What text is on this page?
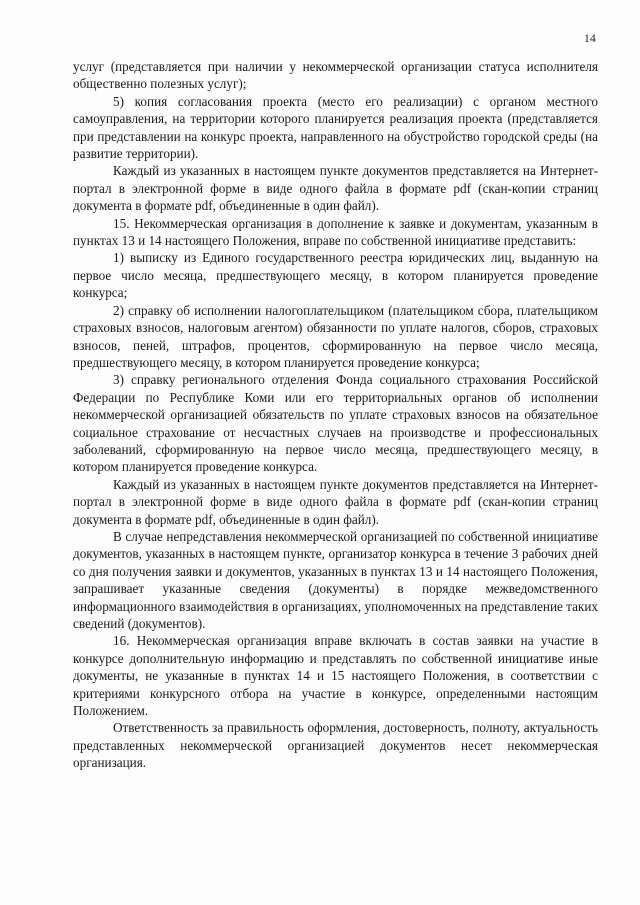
14

услуг (представляется при наличии у некоммерческой организации статуса исполнителя общественно полезных услуг);

5) копия согласования проекта (место его реализации) с органом местного самоуправления, на территории которого планируется реализация проекта (представляется при представлении на конкурс проекта, направленного на обустройство городской среды (на развитие территории).

Каждый из указанных в настоящем пункте документов представляется на Интернет-портал в электронной форме в виде одного файла в формате pdf (скан-копии страниц документа в формате pdf, объединенные в один файл).

15. Некоммерческая организация в дополнение к заявке и документам, указанным в пунктах 13 и 14 настоящего Положения, вправе по собственной инициативе представить:

1) выписку из Единого государственного реестра юридических лиц, выданную на первое число месяца, предшествующего месяцу, в котором планируется проведение конкурса;

2) справку об исполнении налогоплательщиком (плательщиком сбора, плательщиком страховых взносов, налоговым агентом) обязанности по уплате налогов, сборов, страховых взносов, пеней, штрафов, процентов, сформированную на первое число месяца, предшествующего месяцу, в котором планируется проведение конкурса;

3) справку регионального отделения Фонда социального страхования Российской Федерации по Республике Коми или его территориальных органов об исполнении некоммерческой организацией обязательств по уплате страховых взносов на обязательное социальное страхование от несчастных случаев на производстве и профессиональных заболеваний, сформированную на первое число месяца, предшествующего месяцу, в котором планируется проведение конкурса.

Каждый из указанных в настоящем пункте документов представляется на Интернет-портал в электронной форме в виде одного файла в формате pdf (скан-копии страниц документа в формате pdf, объединенные в один файл).

В случае непредставления некоммерческой организацией по собственной инициативе документов, указанных в настоящем пункте, организатор конкурса в течение 3 рабочих дней со дня получения заявки и документов, указанных в пунктах 13 и 14 настоящего Положения, запрашивает указанные сведения (документы) в порядке межведомственного информационного взаимодействия в организациях, уполномоченных на представление таких сведений (документов).

16. Некоммерческая организация вправе включать в состав заявки на участие в конкурсе дополнительную информацию и представлять по собственной инициативе иные документы, не указанные в пунктах 14 и 15 настоящего Положения, в соответствии с критериями конкурсного отбора на участие в конкурсе, определенными настоящим Положением.

Ответственность за правильность оформления, достоверность, полноту, актуальность представленных некоммерческой организацией документов несет некоммерческая организация.
